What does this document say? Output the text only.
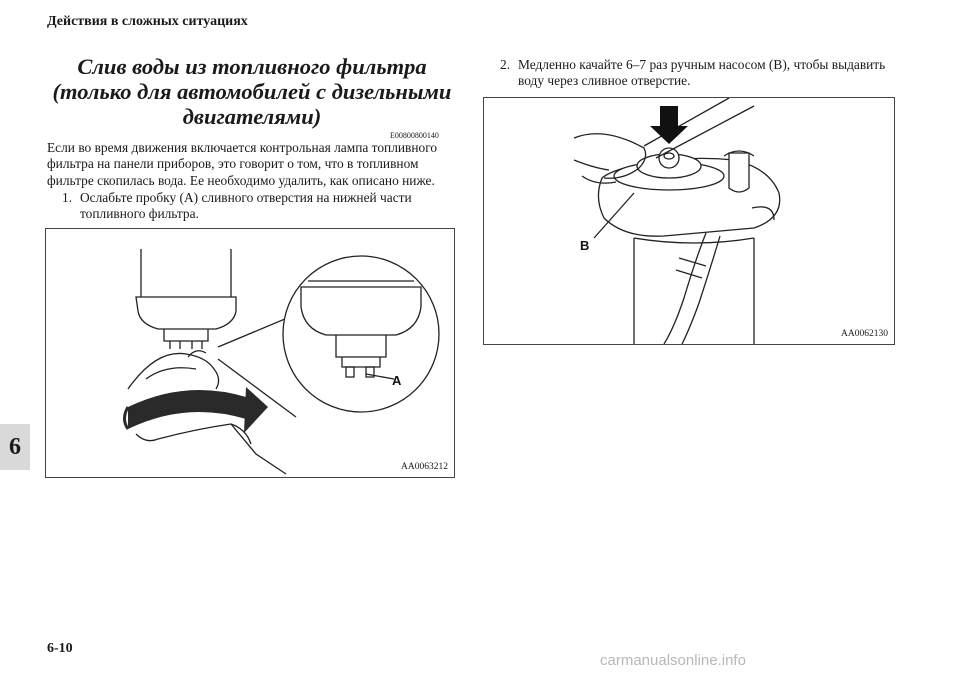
Действия в сложных ситуациях
6
Слив воды из топливного фильтра
(только для автомобилей с дизельными
двигателями)
E00800800140
Если во время движения включается контрольная лампа топливного
фильтра на панели приборов, это говорит о том, что в топливном
фильтре скопилась вода. Ее необходимо удалить, как описано ниже.
1. Ослабьте пробку (A) сливного отверстия на нижней части
топливного фильтра.
2. Медленно качайте 6–7 раз ручным насосом (B), чтобы выдавить
воду через сливное отверстие.
A
AA0063212
B
AA0062130
6-10
carmanualsonline.info
